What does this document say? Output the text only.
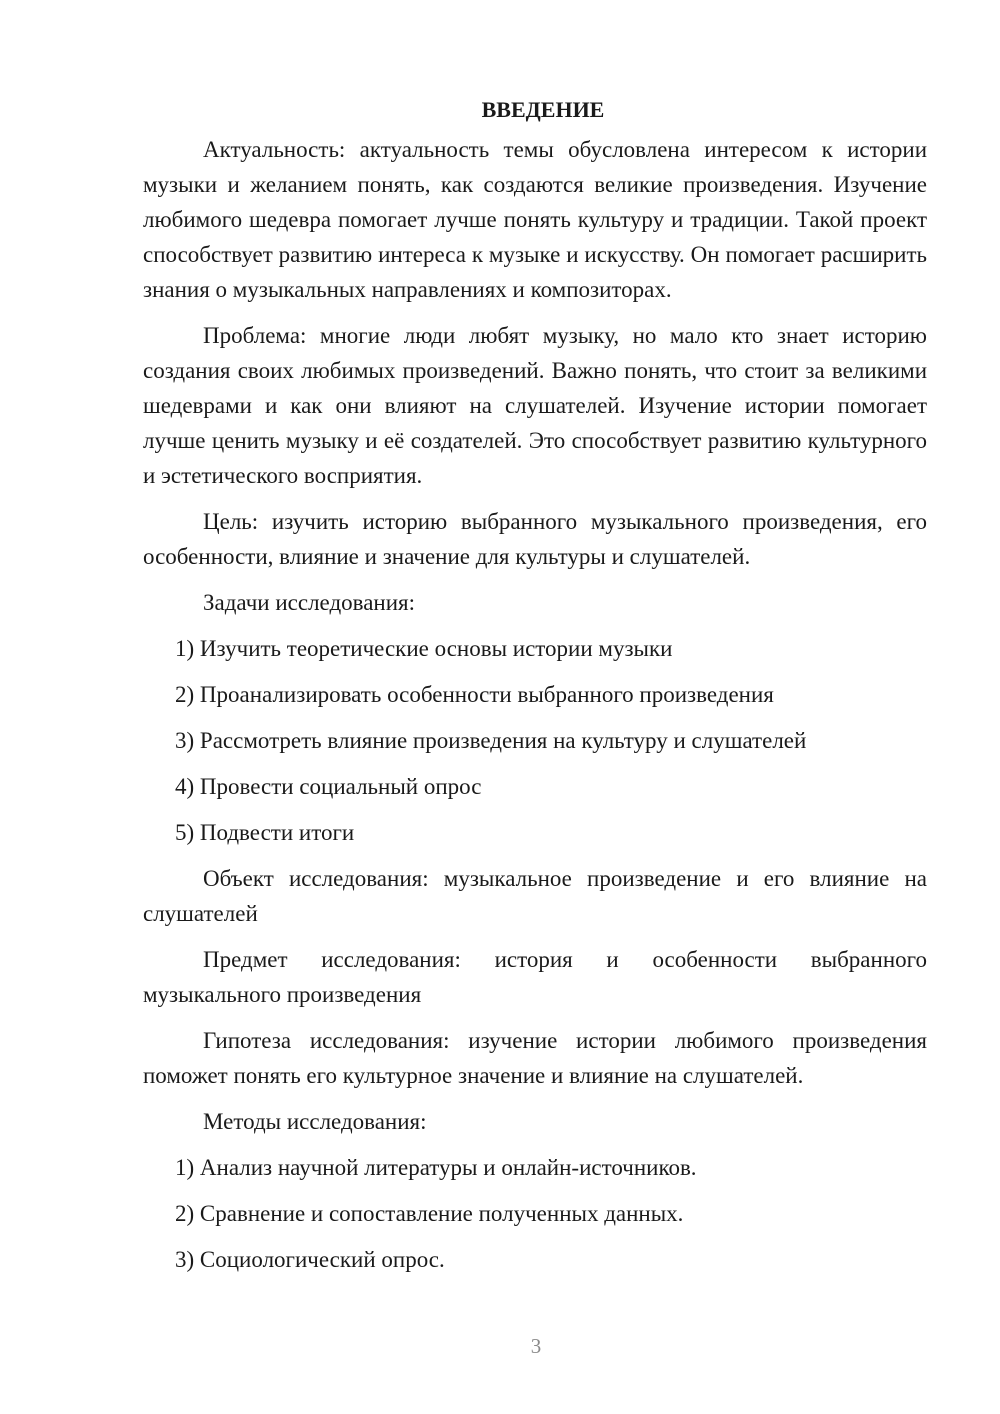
ВВЕДЕНИЕ

Актуальность: актуальность темы обусловлена интересом к истории музыки и желанием понять, как создаются великие произведения. Изучение любимого шедевра помогает лучше понять культуру и традиции. Такой проект способствует развитию интереса к музыке и искусству. Он помогает расширить знания о музыкальных направлениях и композиторах.

Проблема: многие люди любят музыку, но мало кто знает историю создания своих любимых произведений. Важно понять, что стоит за великими шедеврами и как они влияют на слушателей. Изучение истории помогает лучше ценить музыку и её создателей. Это способствует развитию культурного и эстетического восприятия.

Цель: изучить историю выбранного музыкального произведения, его особенности, влияние и значение для культуры и слушателей.

Задачи исследования:

1) Изучить теоретические основы истории музыки

2) Проанализировать особенности выбранного произведения

3) Рассмотреть влияние произведения на культуру и слушателей

4) Провести социальный опрос

5) Подвести итоги

Объект исследования: музыкальное произведение и его влияние на слушателей

Предмет исследования: история и особенности выбранного музыкального произведения

Гипотеза исследования: изучение истории любимого произведения поможет понять его культурное значение и влияние на слушателей.

Методы исследования:

1) Анализ научной литературы и онлайн-источников.

2) Сравнение и сопоставление полученных данных.

3) Социологический опрос.

3
